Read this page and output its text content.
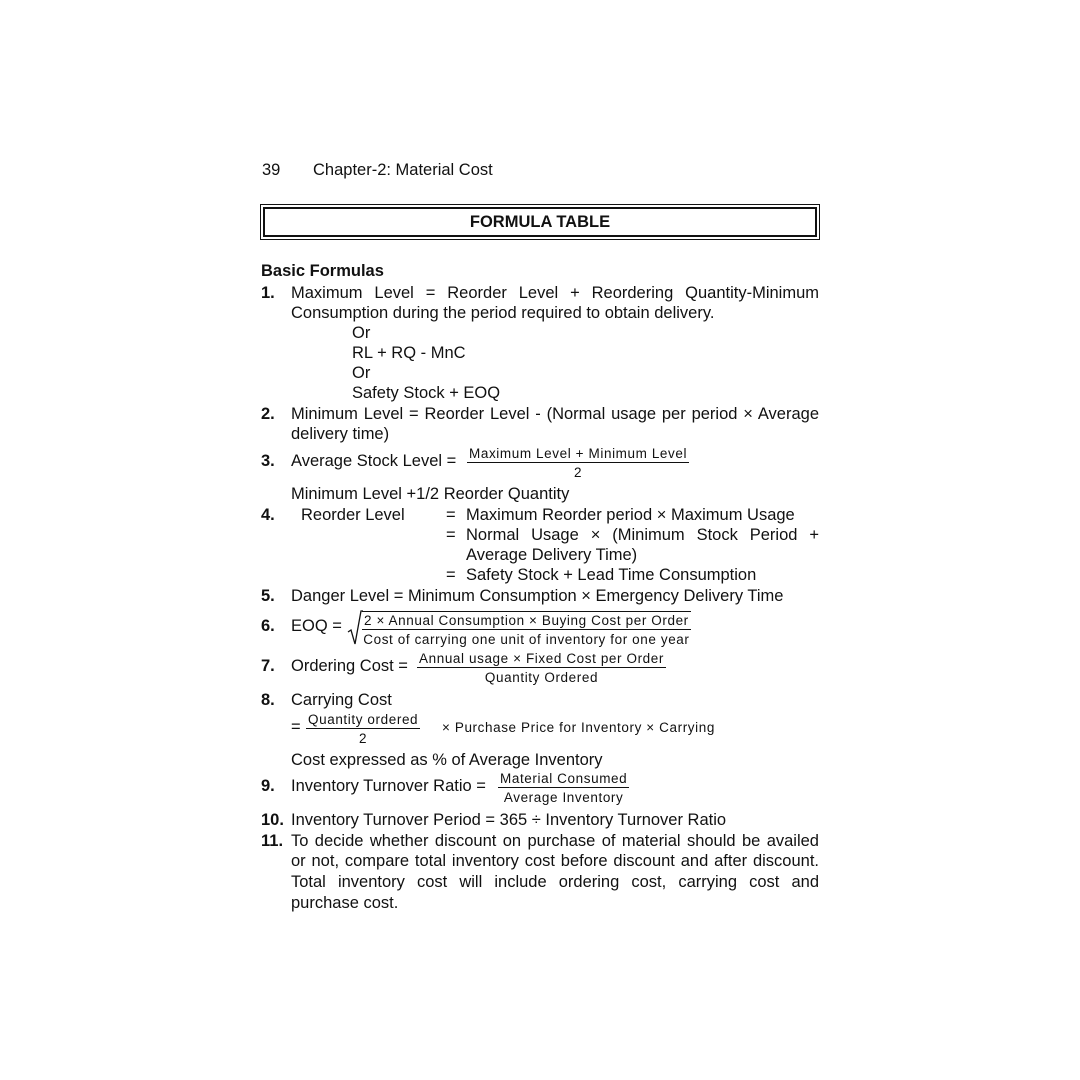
39 Chapter-2: Material Cost
FORMULA TABLE
Basic Formulas
1. Maximum Level = Reorder Level + Reordering Quantity-Minimum
Consumption during the period required to obtain delivery.
Or
RL + RQ - MnC
Or
Safety Stock + EOQ
2. Minimum Level = Reorder Level - (Normal usage per period × Average
delivery time)
3. Average Stock Level = Maximum Level + Minimum Level
2
Minimum Level +1/2 Reorder Quantity
4. Reorder Level	= Maximum Reorder period × Maximum Usage
= Normal Usage × (Minimum Stock Period +
Average Delivery Time)
= Safety Stock + Lead Time Consumption
5. Danger Level = Minimum Consumption × Emergency Delivery Time
6. EOQ = 2 × Annual Consumption × Buying Cost per Order
Cost of carrying one unit of inventory for one year
7. Ordering Cost = Annual usage × Fixed Cost per Order
Quantity Ordered
8. Carrying Cost
= Quantity ordered
2
× Purchase Price for Inventory × Carrying
Cost expressed as % of Average Inventory
9. Inventory Turnover Ratio = Material Consumed
Average Inventory
10. Inventory Turnover Period = 365 ÷ Inventory Turnover Ratio
11. To decide whether discount on purchase of material should be availed
or not, compare total inventory cost before discount and after discount.
Total inventory cost will include ordering cost, carrying cost and
purchase cost.
